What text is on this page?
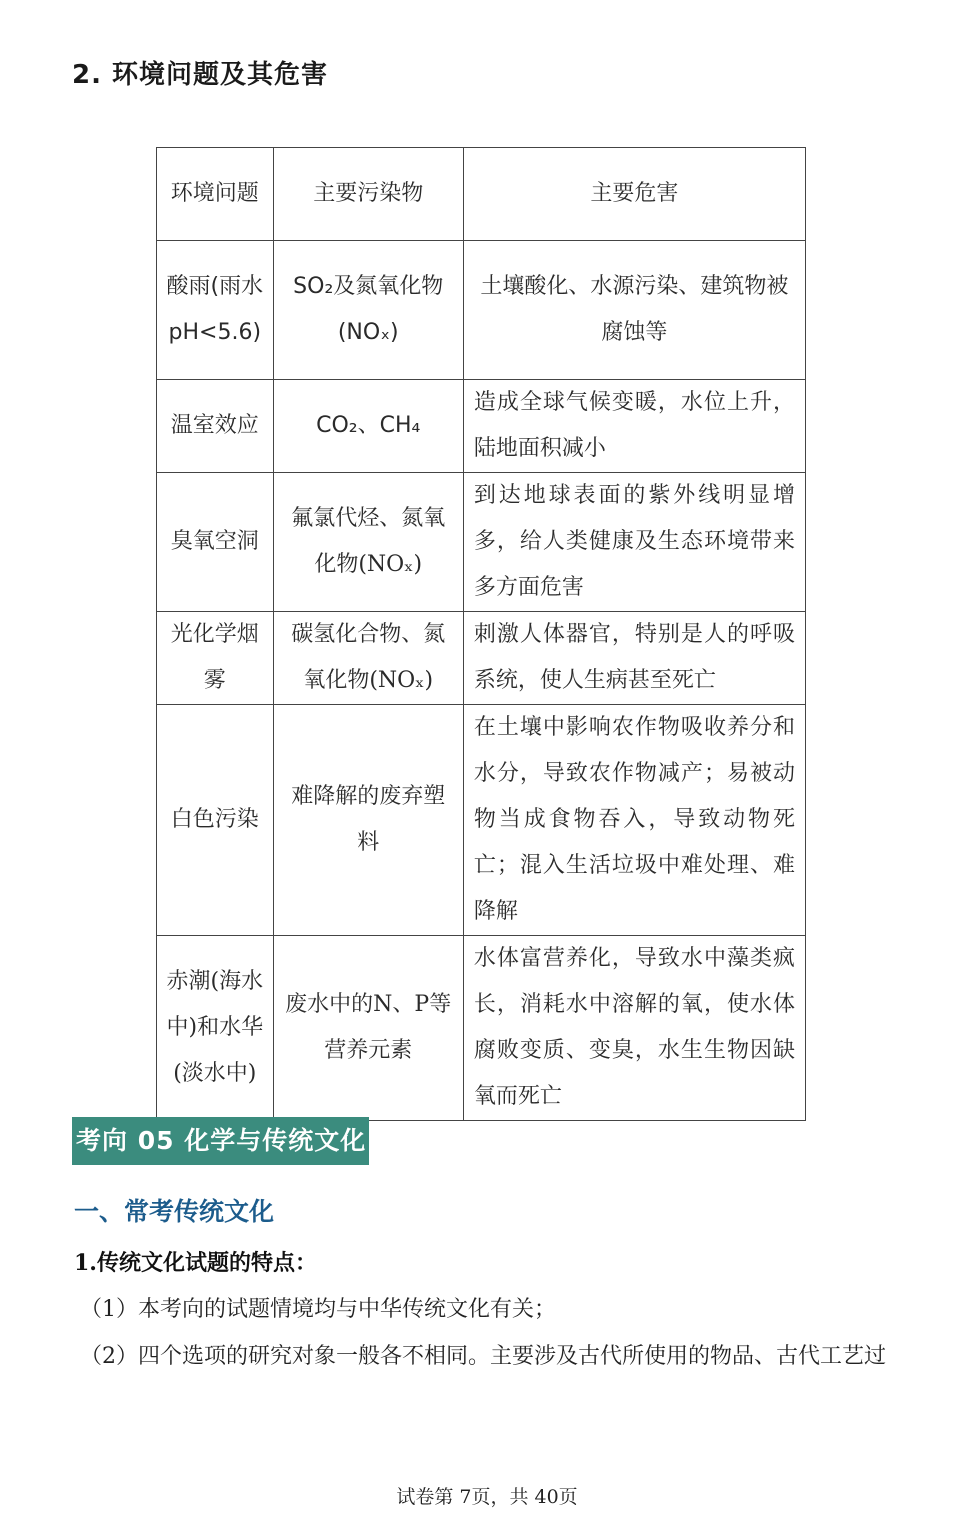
2. 环境问题及其危害
环境问题	主要污染物	主要危害
酸雨(雨水pH<5.6)	SO₂及氮氧化物(NOₓ)	土壤酸化、水源污染、建筑物被腐蚀等
温室效应	CO₂、CH₄	造成全球气候变暖，水位上升，陆地面积减小
臭氧空洞	氟氯代烃、氮氧化物(NOₓ)	到达地球表面的紫外线明显增多，给人类健康及生态环境带来多方面危害
光化学烟雾	碳氢化合物、氮氧化物(NOₓ)	刺激人体器官，特别是人的呼吸系统，使人生病甚至死亡
白色污染	难降解的废弃塑料	在土壤中影响农作物吸收养分和水分，导致农作物减产；易被动物当成食物吞入，导致动物死亡；混入生活垃圾中难处理、难降解
赤潮(海水中)和水华(淡水中)	废水中的N、P等营养元素	水体富营养化，导致水中藻类疯长，消耗水中溶解的氧，使水体腐败变质、变臭，水生生物因缺氧而死亡
考向 05 化学与传统文化
一、常考传统文化
1.传统文化试题的特点：
（1）本考向的试题情境均与中华传统文化有关；
（2）四个选项的研究对象一般各不相同。主要涉及古代所使用的物品、古代工艺过
试卷第 7页，共 40页
